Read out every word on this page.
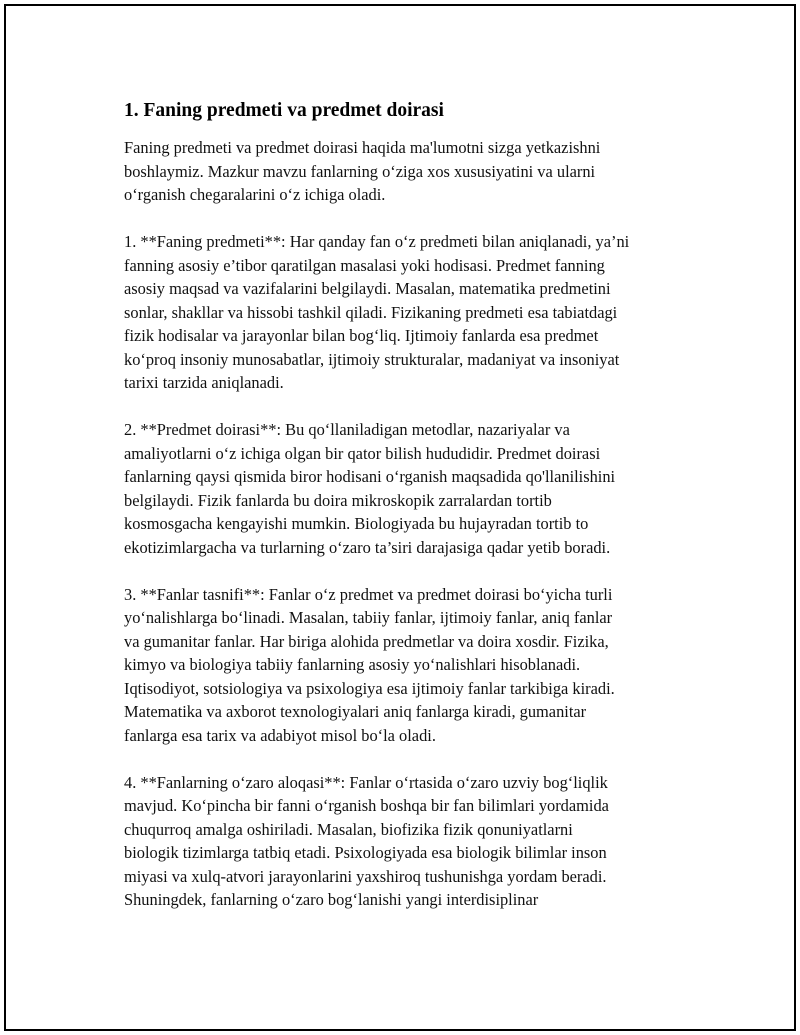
1. Faning predmeti va predmet doirasi

Faning predmeti va predmet doirasi haqida ma'lumotni sizga yetkazishni
boshlaymiz. Mazkur mavzu fanlarning o‘ziga xos xususiyatini va ularni
o‘rganish chegaralarini o‘z ichiga oladi.

1. **Faning predmeti**: Har qanday fan o‘z predmeti bilan aniqlanadi, ya’ni
fanning asosiy e’tibor qaratilgan masalasi yoki hodisasi. Predmet fanning
asosiy maqsad va vazifalarini belgilaydi. Masalan, matematika predmetini
sonlar, shakllar va hissobi tashkil qiladi. Fizikaning predmeti esa tabiatdagi
fizik hodisalar va jarayonlar bilan bog‘liq. Ijtimoiy fanlarda esa predmet
ko‘proq insoniy munosabatlar, ijtimoiy strukturalar, madaniyat va insoniyat
tarixi tarzida aniqlanadi.

2. **Predmet doirasi**: Bu qo‘llaniladigan metodlar, nazariyalar va
amaliyotlarni o‘z ichiga olgan bir qator bilish hududidir. Predmet doirasi
fanlarning qaysi qismida biror hodisani o‘rganish maqsadida qo'llanilishini
belgilaydi. Fizik fanlarda bu doira mikroskopik zarralardan tortib
kosmosgacha kengayishi mumkin. Biologiyada bu hujayradan tortib to
ekotizimlargacha va turlarning o‘zaro ta’siri darajasiga qadar yetib boradi.

3. **Fanlar tasnifi**: Fanlar o‘z predmet va predmet doirasi bo‘yicha turli
yo‘nalishlarga bo‘linadi. Masalan, tabiiy fanlar, ijtimoiy fanlar, aniq fanlar
va gumanitar fanlar. Har biriga alohida predmetlar va doira xosdir. Fizika,
kimyo va biologiya tabiiy fanlarning asosiy yo‘nalishlari hisoblanadi.
Iqtisodiyot, sotsiologiya va psixologiya esa ijtimoiy fanlar tarkibiga kiradi.
Matematika va axborot texnologiyalari aniq fanlarga kiradi, gumanitar
fanlarga esa tarix va adabiyot misol bo‘la oladi.

4. **Fanlarning o‘zaro aloqasi**: Fanlar o‘rtasida o‘zaro uzviy bog‘liqlik
mavjud. Ko‘pincha bir fanni o‘rganish boshqa bir fan bilimlari yordamida
chuqurroq amalga oshiriladi. Masalan, biofizika fizik qonuniyatlarni
biologik tizimlarga tatbiq etadi. Psixologiyada esa biologik bilimlar inson
miyasi va xulq-atvori jarayonlarini yaxshiroq tushunishga yordam beradi.
Shuningdek, fanlarning o‘zaro bog‘lanishi yangi interdisiplinar
